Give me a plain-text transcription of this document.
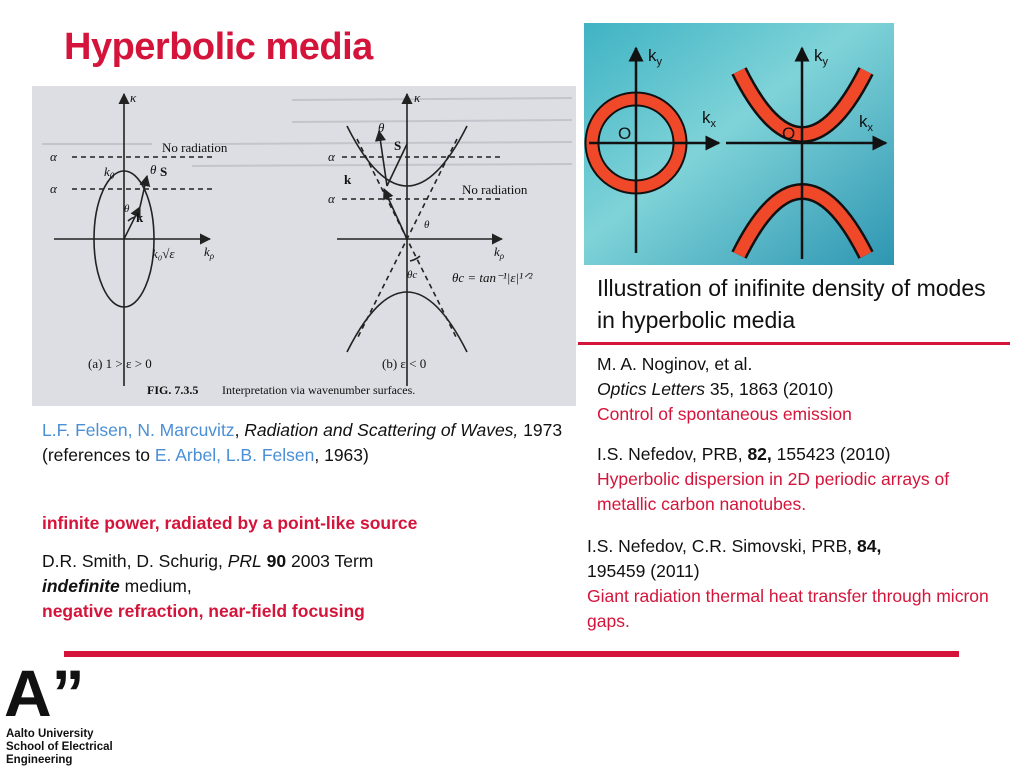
Hyperbolic media
κ	κ
α
α
α
α
No radiation
No radiation
$k_0$	θ S
k
θ
$k_\rho$
k₀√ε	$k_\rho$
θ
S
k
θ
θc	θc = tan⁻¹|ε|¹ᐟ²
(a) 1 > ε > 0	(b) ε < 0
FIG. 7.3.5 Interpretation via wavenumber surfaces.
$k_y$
$k_x$
O
$k_y$
$k_x$
O
Illustration of inifinite density of modes in hyperbolic media
M. A. Noginov, et al.
Optics Letters 35, 1863 (2010)
Control of spontaneous emission
I.S. Nefedov, PRB, 82, 155423 (2010)
Hyperbolic dispersion in 2D periodic arrays of metallic carbon nanotubes.
I.S. Nefedov, C.R. Simovski, PRB, 84,
195459 (2011)
Giant radiation thermal heat transfer through micron gaps.
L.F. Felsen, N. Marcuvitz, Radiation and Scattering of Waves, 1973
(references to E. Arbel, L.B. Felsen, 1963)
infinite power, radiated by a point-like source
D.R. Smith, D. Schurig, PRL 90 2003 Term
indefinite medium,
negative refraction, near-field focusing
A”
Aalto University
School of Electrical
Engineering
